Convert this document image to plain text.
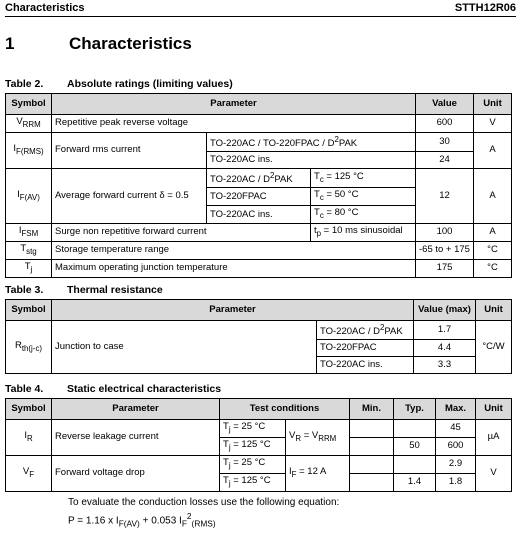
Characteristics	STTH12R06
1	Characteristics
Table 2. Absolute ratings (limiting values)
Symbol	Parameter			Value	Unit
$V_{RRM}$	Repetitive peak reverse voltage			600	V
$I_{F(RMS)}$	Forward rms current	TO-220AC / TO-220FPAC / $D^2PAK$		30	A
		TO-220AC ins.		24	
$I_{F(AV)}$	Average forward current δ = 0.5	$TO-220AC / D^2PAK$	$T_c = 125$ °C	12	A
		TO-220FPAC	$T_c = 50$ °C		
		TO-220AC ins.	$T_c = 80$ °C		
$I_{FSM}$	Surge non repetitive forward current		$t_p = 10$ ms sinusoidal	100	A
$T_{stg}$	Storage temperature range			-65 to + 175	°C
$T_j$	Maximum operating junction temperature			175	°C
Table 3. Thermal resistance
Symbol	Parameter		Value (max)	Unit
$R_{th(j-c)}$	Junction to case	$TO-220AC / D^2PAK$	1.7	°C/W
		TO-220FPAC	4.4	
		TO-220AC ins.	3.3	
Table 4. Static electrical characteristics
Symbol	Parameter	Test conditions		Min.	Typ.	Max.	Unit
$I_R$	Reverse leakage current	$T_j = 25$ °C	$V_R = V_{RRM}$			45	µA
		$T_j = 125$ °C			50	600	
$V_F$	Forward voltage drop	$T_j = 25$ °C	$I_F = 12$ A			2.9	V
		$T_j = 125$ °C			1.4	1.8	
To evaluate the conduction losses use the following equation:
P = 1.16 x $I_{F(AV)} + 0.053$ $I_F^2_{(RMS)}$
